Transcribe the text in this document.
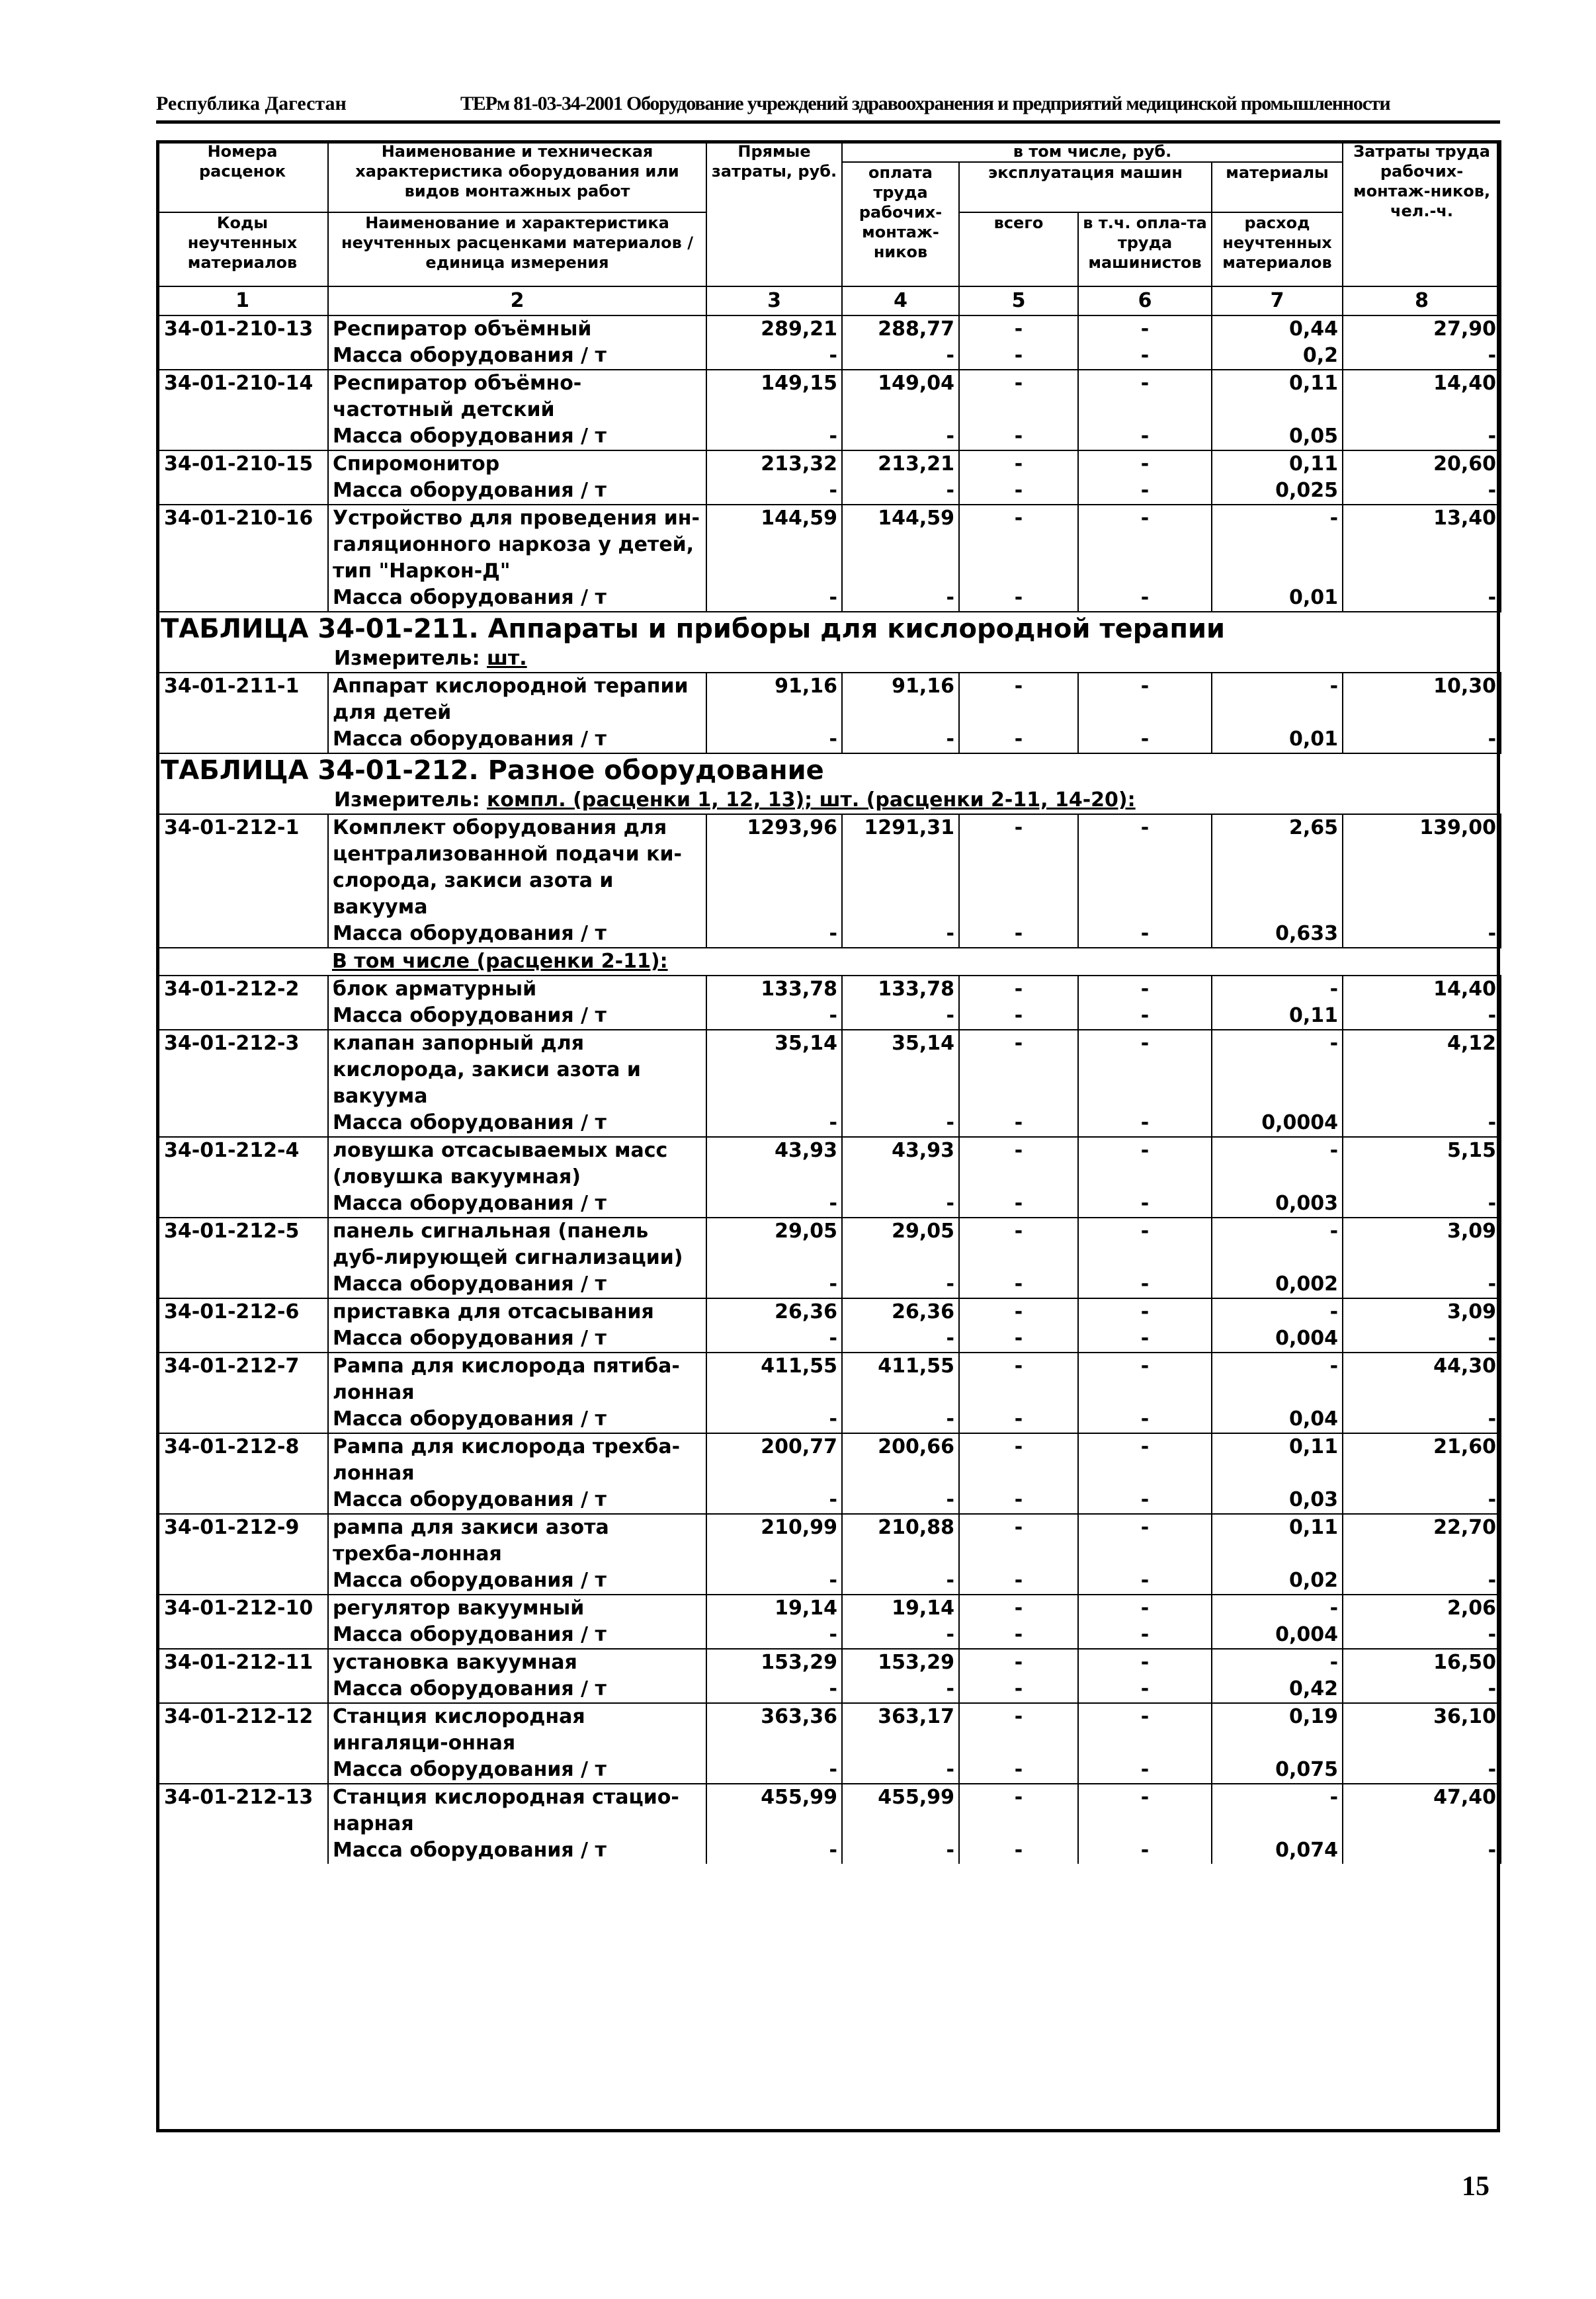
Республика Дагестан	ТЕРм 81-03-34-2001 Оборудование учреждений здравоохранения и предприятий медицинской промышленности
Номера расценок	Наименование и техническая характеристика оборудования или видов монтажных работ	Прямые затраты, руб.	в том числе, руб.				Затраты труда рабочих-монтаж-ников, чел.-ч.
			оплата труда рабочих-монтаж-ников	эксплуатация машин		материалы	
Коды неучтенных материалов	Наименование и характеристика неучтенных расценками материалов / единица измерения			всего	в т.ч. опла-та труда машинистов	расход неучтенных материалов	

1	2	3	4	5	6	7	8
34-01-210-13	Респиратор объёмный	289,21	288,77	-	-	0,44	27,90
	Масса оборудования / т	-	-	-	-	0,2	-
34-01-210-14	Респиратор объёмно-частотный детский	149,15	149,04	-	-	0,11	14,40
	Масса оборудования / т	-	-	-	-	0,05	-
34-01-210-15	Спиромонитор	213,32	213,21	-	-	0,11	20,60
	Масса оборудования / т	-	-	-	-	0,025	-
34-01-210-16	Устройство для проведения ин-галяционного наркоза у детей, тип "Наркон-Д"	144,59	144,59	-	-	-	13,40
	Масса оборудования / т	-	-	-	-	0,01	-
ТАБЛИЦА 34-01-211. Аппараты и приборы для кислородной терапии							
Измеритель: шт.							
34-01-211-1	Аппарат кислородной терапии для детей	91,16	91,16	-	-	-	10,30
	Масса оборудования / т	-	-	-	-	0,01	-
ТАБЛИЦА 34-01-212. Разное оборудование							
Измеритель: компл. (расценки 1, 12, 13); шт. (расценки 2-11, 14-20):							
34-01-212-1	Комплект оборудования для централизованной подачи ки-слорода, закиси азота и вакуума	1293,96	1291,31	-	-	2,65	139,00
	Масса оборудования / т	-	-	-	-	0,633	-
	В том числе (расценки 2-11):						
34-01-212-2	блок арматурный	133,78	133,78	-	-	-	14,40
	Масса оборудования / т	-	-	-	-	0,11	-
34-01-212-3	клапан запорный для кислорода, закиси азота и вакуума	35,14	35,14	-	-	-	4,12
	Масса оборудования / т	-	-	-	-	0,0004	-
34-01-212-4	ловушка отсасываемых масс (ловушка вакуумная)	43,93	43,93	-	-	-	5,15
	Масса оборудования / т	-	-	-	-	0,003	-
34-01-212-5	панель сигнальная (панель дуб-лирующей сигнализации)	29,05	29,05	-	-	-	3,09
	Масса оборудования / т	-	-	-	-	0,002	-
34-01-212-6	приставка для отсасывания	26,36	26,36	-	-	-	3,09
	Масса оборудования / т	-	-	-	-	0,004	-
34-01-212-7	Рампа для кислорода пятиба-лонная	411,55	411,55	-	-	-	44,30
	Масса оборудования / т	-	-	-	-	0,04	-
34-01-212-8	Рампа для кислорода трехба-лонная	200,77	200,66	-	-	0,11	21,60
	Масса оборудования / т	-	-	-	-	0,03	-
34-01-212-9	рампа для закиси азота трехба-лонная	210,99	210,88	-	-	0,11	22,70
	Масса оборудования / т	-	-	-	-	0,02	-
34-01-212-10	регулятор вакуумный	19,14	19,14	-	-	-	2,06
	Масса оборудования / т	-	-	-	-	0,004	-
34-01-212-11	установка вакуумная	153,29	153,29	-	-	-	16,50
	Масса оборудования / т	-	-	-	-	0,42	-
34-01-212-12	Станция кислородная ингаляци-онная	363,36	363,17	-	-	0,19	36,10
	Масса оборудования / т	-	-	-	-	0,075	-
34-01-212-13	Станция кислородная стацио-нарная	455,99	455,99	-	-	-	47,40
	Масса оборудования / т	-	-	-	-	0,074	-
15
